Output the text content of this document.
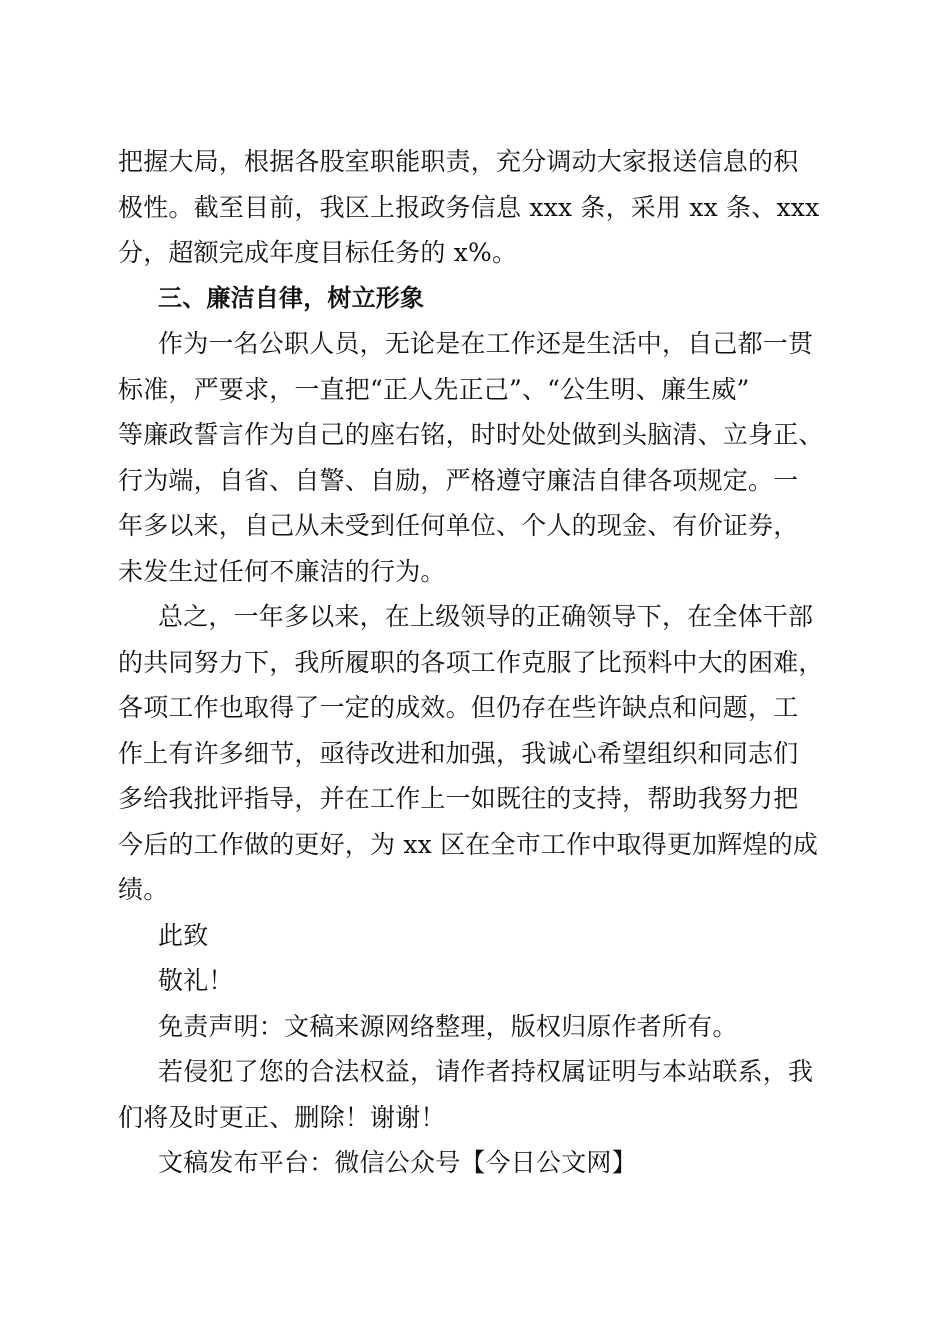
把握大局，根据各股室职能职责，充分调动大家报送信息的积
极性。截至目前，我区上报政务信息 xxx 条，采用 xx 条、xxx
分，超额完成年度目标任务的 x%。
三、廉洁自律，树立形象
作为一名公职人员，无论是在工作还是生活中，自己都一贯
标准，严要求，一直把“正人先正己”、“公生明、廉生威”
等廉政誓言作为自己的座右铭，时时处处做到头脑清、立身正、
行为端，自省、自警、自励，严格遵守廉洁自律各项规定。一
年多以来，自己从未受到任何单位、个人的现金、有价证券，
未发生过任何不廉洁的行为。
总之，一年多以来，在上级领导的正确领导下，在全体干部
的共同努力下，我所履职的各项工作克服了比预料中大的困难，
各项工作也取得了一定的成效。但仍存在些许缺点和问题，工
作上有许多细节，亟待改进和加强，我诚心希望组织和同志们
多给我批评指导，并在工作上一如既往的支持，帮助我努力把
今后的工作做的更好，为 xx 区在全市工作中取得更加辉煌的成
绩。
此致
敬礼！
免责声明：文稿来源网络整理，版权归原作者所有。
若侵犯了您的合法权益，请作者持权属证明与本站联系，我
们将及时更正、删除！谢谢！
文稿发布平台：微信公众号【今日公文网】
